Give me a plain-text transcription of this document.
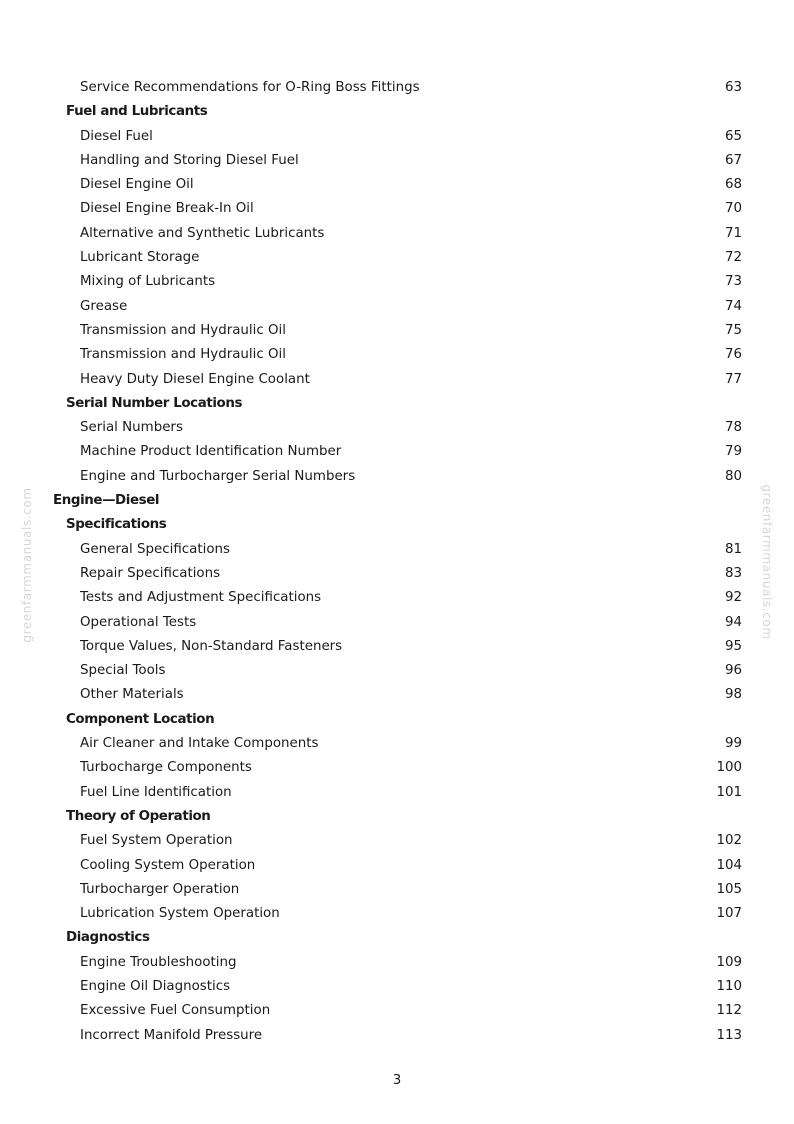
Service Recommendations for O-Ring Boss Fittings	63
Fuel and Lubricants
Diesel Fuel	65
Handling and Storing Diesel Fuel	67
Diesel Engine Oil	68
Diesel Engine Break-In Oil	70
Alternative and Synthetic Lubricants	71
Lubricant Storage	72
Mixing of Lubricants	73
Grease	74
Transmission and Hydraulic Oil	75
Transmission and Hydraulic Oil	76
Heavy Duty Diesel Engine Coolant	77
Serial Number Locations
Serial Numbers	78
Machine Product Identification Number	79
Engine and Turbocharger Serial Numbers	80
Engine—Diesel
Specifications
General Specifications	81
Repair Specifications	83
Tests and Adjustment Specifications	92
Operational Tests	94
Torque Values, Non-Standard Fasteners	95
Special Tools	96
Other Materials	98
Component Location
Air Cleaner and Intake Components	99
Turbocharge Components	100
Fuel Line Identification	101
Theory of Operation
Fuel System Operation	102
Cooling System Operation	104
Turbocharger Operation	105
Lubrication System Operation	107
Diagnostics
Engine Troubleshooting	109
Engine Oil Diagnostics	110
Excessive Fuel Consumption	112
Incorrect Manifold Pressure	113
3
greenfarmmanuals.com	greenfarmmanuals.com
